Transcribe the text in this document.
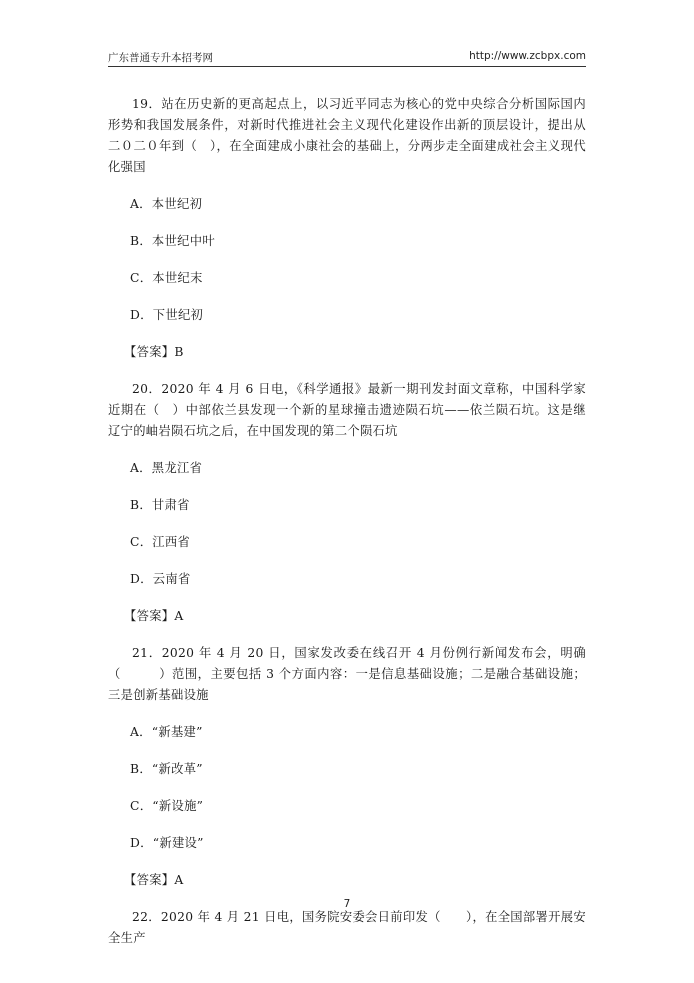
广东普通专升本招考网	http://www.zcbpx.com

19．站在历史新的更高起点上，以习近平同志为核心的党中央综合分析国际国内形势和我国发展条件，对新时代推进社会主义现代化建设作出新的顶层设计，提出从二０二０年到（　），在全面建成小康社会的基础上，分两步走全面建成社会主义现代化强国

A．本世纪初

B．本世纪中叶

C．本世纪末

D．下世纪初

【答案】B

20．2020 年 4 月 6 日电，《科学通报》最新一期刊发封面文章称，中国科学家近期在（　）中部依兰县发现一个新的星球撞击遗迹陨石坑——依兰陨石坑。这是继辽宁的岫岩陨石坑之后，在中国发现的第二个陨石坑

A．黑龙江省

B．甘肃省

C．江西省

D．云南省

【答案】A

21．2020 年 4 月 20 日，国家发改委在线召开 4 月份例行新闻发布会，明确（　　　）范围，主要包括 3 个方面内容：一是信息基础设施；二是融合基础设施；三是创新基础设施

A．“新基建”

B．“新改革”

C．“新设施”

D．“新建设”

【答案】A

22．2020 年 4 月 21 日电，国务院安委会日前印发（　　），在全国部署开展安全生产

7
